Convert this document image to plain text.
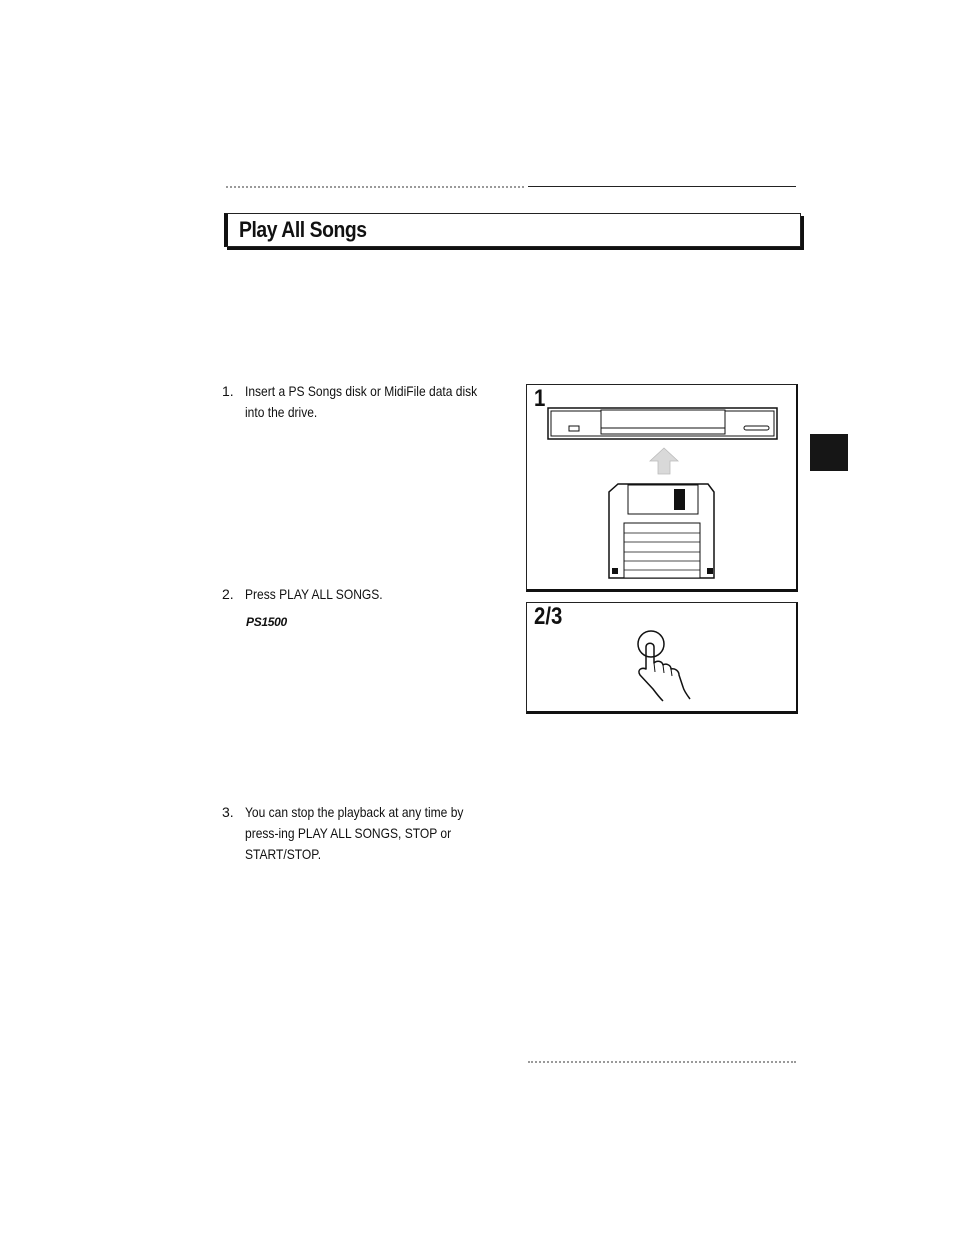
Play All Songs
1. Insert a PS Songs disk or MidiFile data disk into the drive.
2. Press PLAY ALL SONGS.
PS1500
3. You can stop the playback at any time by press-ing PLAY ALL SONGS, STOP or START/STOP.
1
2/3
